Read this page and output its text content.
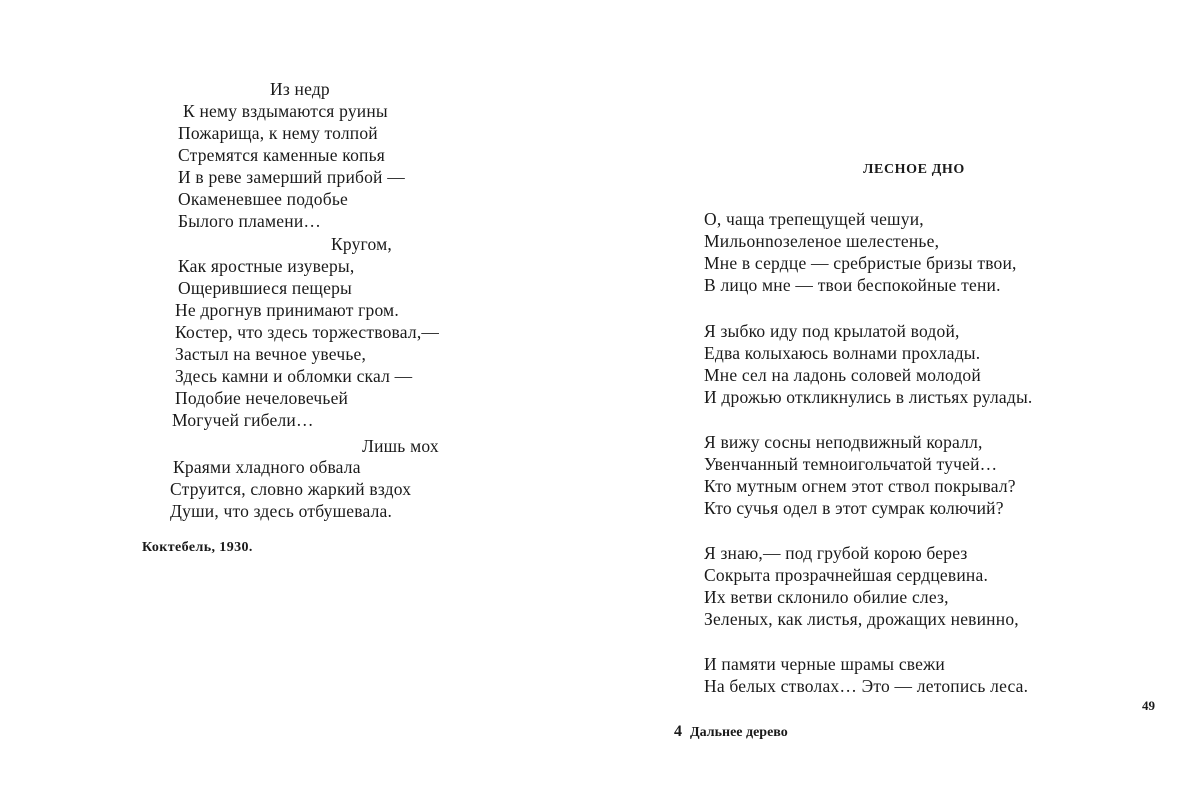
Из недр
К нему вздымаются руины
Пожарища, к нему толпой
Стремятся каменные копья
И в реве замерший прибой —
Окаменевшее подобье
Былого пламени…
Кругом,
Как яростные изуверы,
Ощерившиеся пещеры
Не дрогнув принимают гром.
Костер, что здесь торжествовал,—
Застыл на вечное увечье,
Здесь камни и обломки скал —
Подобие нечеловечьей
Могучей гибели…
Лишь мох
Краями хладного обвала
Струится, словно жаркий вздох
Души, что здесь отбушевала.
Коктебель, 1930.
ЛЕСНОЕ ДНО
О, чаща трепещущей чешуи,
Мильонnозеленое шелестенье,
Мне в сердце — сребристые бризы твои,
В лицо мне — твои беспокойные тени.
Я зыбко иду под крылатой водой,
Едва колыхаюсь волнами прохлады.
Мне сел на ладонь соловей молодой
И дрожью откликнулись в листьях рулады.
Я вижу сосны неподвижный коралл,
Увенчанный темноигольчатой тучей…
Кто мутным огнем этот ствол покрывал?
Кто сучья одел в этот сумрак колючий?
Я знаю,— под грубой корою берез
Сокрыта прозрачнейшая сердцевина.
Их ветви склонило обилие слез,
Зеленых, как листья, дрожащих невинно,
И памяти черные шрамы свежи
На белых стволах… Это — летопись леса.
49
4 Дальнее дерево
